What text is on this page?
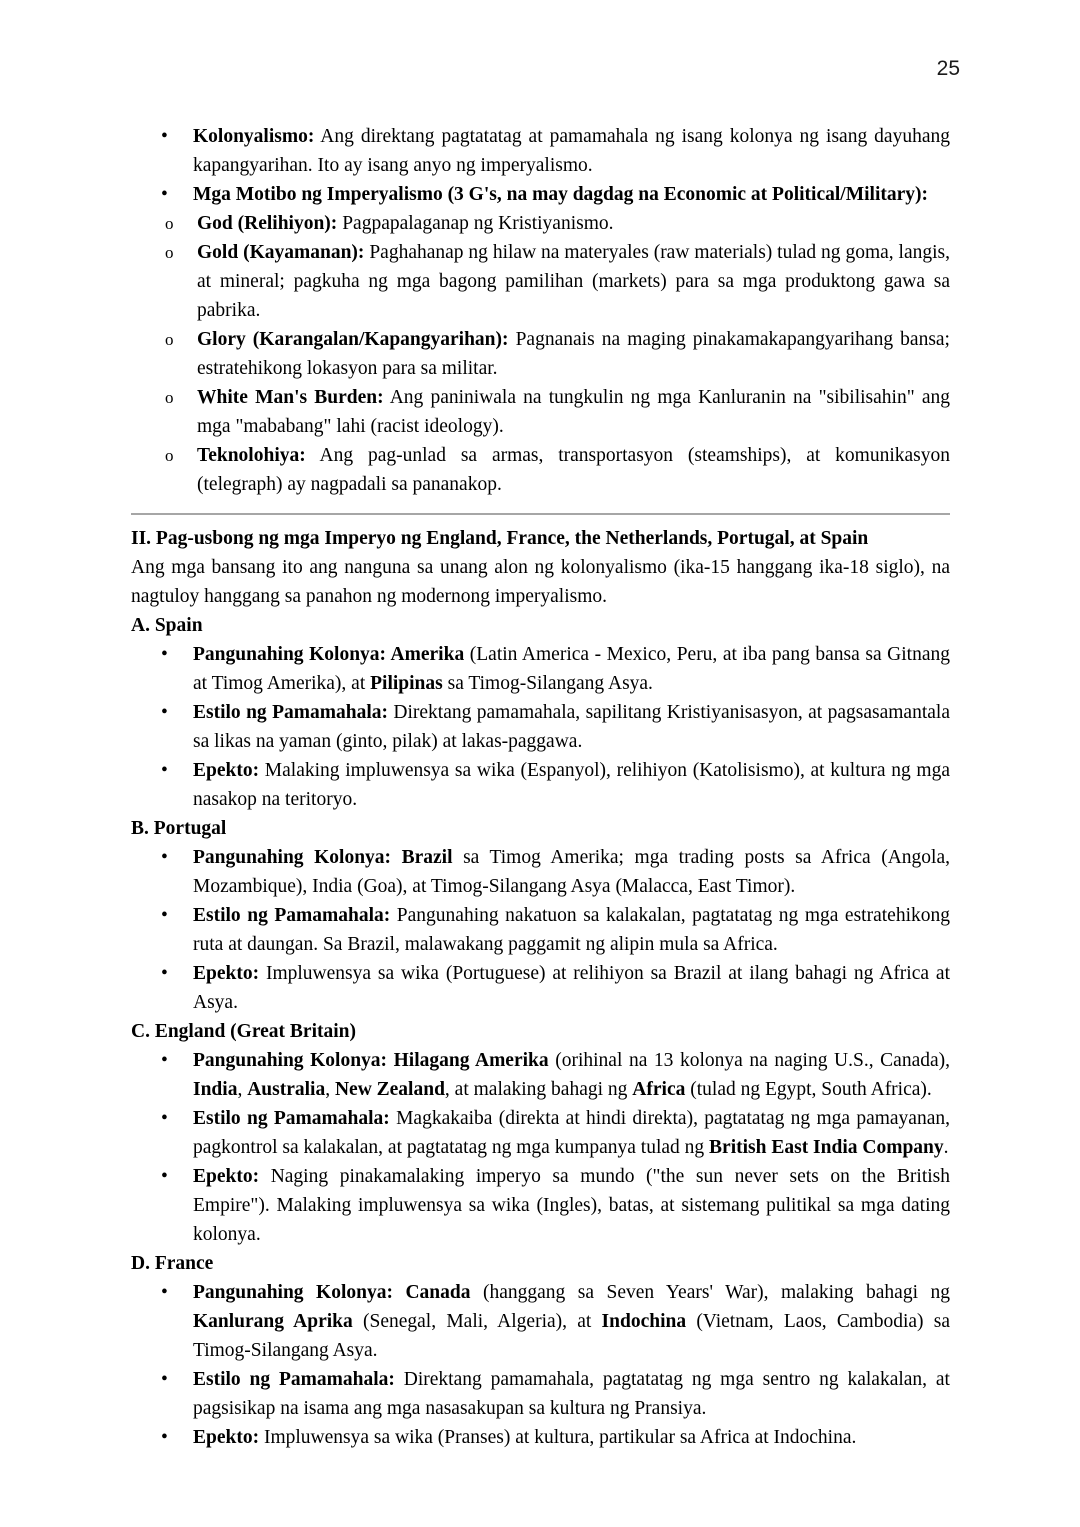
25
•	Kolonyalismo: Ang direktang pagtatatag at pamamahala ng isang kolonya ng isang dayuhang kapangyarihan. Ito ay isang anyo ng imperyalismo.
•	Mga Motibo ng Imperyalismo (3 G's, na may dagdag na Economic at Political/Military):
o	God (Relihiyon): Pagpapalaganap ng Kristiyanismo.
o	Gold (Kayamanan): Paghahanap ng hilaw na materyales (raw materials) tulad ng goma, langis, at mineral; pagkuha ng mga bagong pamilihan (markets) para sa mga produktong gawa sa pabrika.
o	Glory (Karangalan/Kapangyarihan): Pagnanais na maging pinakamakapangyarihang bansa; estratehikong lokasyon para sa militar.
o	White Man's Burden: Ang paniniwala na tungkulin ng mga Kanluranin na "sibilisahin" ang mga "mababang" lahi (racist ideology).
o	Teknolohiya: Ang pag-unlad sa armas, transportasyon (steamships), at komunikasyon (telegraph) ay nagpadali sa pananakop.
II. Pag-usbong ng mga Imperyo ng England, France, the Netherlands, Portugal, at Spain
Ang mga bansang ito ang nanguna sa unang alon ng kolonyalismo (ika-15 hanggang ika-18 siglo), na nagtuloy hanggang sa panahon ng modernong imperyalismo.
A. Spain
•	Pangunahing Kolonya: Amerika (Latin America - Mexico, Peru, at iba pang bansa sa Gitnang at Timog Amerika), at Pilipinas sa Timog-Silangang Asya.
•	Estilo ng Pamamahala: Direktang pamamahala, sapilitang Kristiyanisasyon, at pagsasamantala sa likas na yaman (ginto, pilak) at lakas-paggawa.
•	Epekto: Malaking impluwensya sa wika (Espanyol), relihiyon (Katolisismo), at kultura ng mga nasakop na teritoryo.
B. Portugal
•	Pangunahing Kolonya: Brazil sa Timog Amerika; mga trading posts sa Africa (Angola, Mozambique), India (Goa), at Timog-Silangang Asya (Malacca, East Timor).
•	Estilo ng Pamamahala: Pangunahing nakatuon sa kalakalan, pagtatatag ng mga estratehikong ruta at daungan. Sa Brazil, malawakang paggamit ng alipin mula sa Africa.
•	Epekto: Impluwensya sa wika (Portuguese) at relihiyon sa Brazil at ilang bahagi ng Africa at Asya.
C. England (Great Britain)
•	Pangunahing Kolonya: Hilagang Amerika (orihinal na 13 kolonya na naging U.S., Canada), India, Australia, New Zealand, at malaking bahagi ng Africa (tulad ng Egypt, South Africa).
•	Estilo ng Pamamahala: Magkakaiba (direkta at hindi direkta), pagtatatag ng mga pamayanan, pagkontrol sa kalakalan, at pagtatatag ng mga kumpanya tulad ng British East India Company.
•	Epekto: Naging pinakamalaking imperyo sa mundo ("the sun never sets on the British Empire"). Malaking impluwensya sa wika (Ingles), batas, at sistemang pulitikal sa mga dating kolonya.
D. France
•	Pangunahing Kolonya: Canada (hanggang sa Seven Years' War), malaking bahagi ng Kanlurang Aprika (Senegal, Mali, Algeria), at Indochina (Vietnam, Laos, Cambodia) sa Timog-Silangang Asya.
•	Estilo ng Pamamahala: Direktang pamamahala, pagtatatag ng mga sentro ng kalakalan, at pagsisikap na isama ang mga nasasakupan sa kultura ng Pransiya.
•	Epekto: Impluwensya sa wika (Pranses) at kultura, partikular sa Africa at Indochina.
